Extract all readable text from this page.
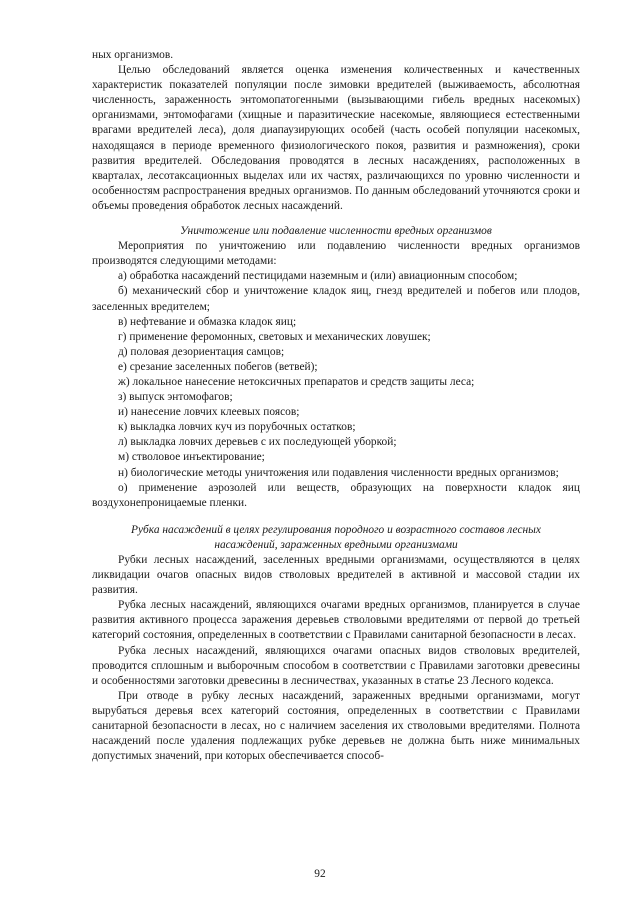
ных организмов.

Целью обследований является оценка изменения количественных и качественных характеристик показателей популяции после зимовки вредителей (выживаемость, абсолютная численность, зараженность энтомопатогенными (вызывающими гибель вредных насекомых) организмами, энтомофагами (хищные и паразитические насекомые, являющиеся естественными врагами вредителей леса), доля диапаузирующих особей (часть особей популяции насекомых, находящаяся в периоде временного физиологического покоя, развития и размножения), сроки развития вредителей. Обследования проводятся в лесных насаждениях, расположенных в кварталах, лесотаксационных выделах или их частях, различающихся по уровню численности и особенностям распространения вредных организмов. По данным обследований уточняются сроки и объемы проведения обработок лесных насаждений.

Уничтожение или подавление численности вредных организмов

Мероприятия по уничтожению или подавлению численности вредных организмов производятся следующими методами:

а) обработка насаждений пестицидами наземным и (или) авиационным способом;

б) механический сбор и уничтожение кладок яиц, гнезд вредителей и побегов или плодов, заселенных вредителем;

в) нефтевание и обмазка кладок яиц;

г) применение феромонных, световых и механических ловушек;

д) половая дезориентация самцов;

е) срезание заселенных побегов (ветвей);

ж) локальное нанесение нетоксичных препаратов и средств защиты леса;

з) выпуск энтомофагов;

и) нанесение ловчих клеевых поясов;

к) выкладка ловчих куч из порубочных остатков;

л) выкладка ловчих деревьев с их последующей уборкой;

м) стволовое инъектирование;

н) биологические методы уничтожения или подавления численности вредных организмов;

о) применение аэрозолей или веществ, образующих на поверхности кладок яиц воздухонепроницаемые пленки.

Рубка насаждений в целях регулирования породного и возрастного составов лесных

насаждений, зараженных вредными организмами

Рубки лесных насаждений, заселенных вредными организмами, осуществляются в целях ликвидации очагов опасных видов стволовых вредителей в активной и массовой стадии их развития.

Рубка лесных насаждений, являющихся очагами вредных организмов, планируется в случае развития активного процесса заражения деревьев стволовыми вредителями от первой до третьей категорий состояния, определенных в соответствии с Правилами санитарной безопасности в лесах.

Рубка лесных насаждений, являющихся очагами опасных видов стволовых вредителей, проводится сплошным и выборочным способом в соответствии с Правилами заготовки древесины и особенностями заготовки древесины в лесничествах, указанных в статье 23 Лесного кодекса.

При отводе в рубку лесных насаждений, зараженных вредными организмами, могут вырубаться деревья всех категорий состояния, определенных в соответствии с Правилами санитарной безопасности в лесах, но с наличием заселения их стволовыми вредителями. Полнота насаждений после удаления подлежащих рубке деревьев не должна быть ниже минимальных допустимых значений, при которых обеспечивается способ-

92
